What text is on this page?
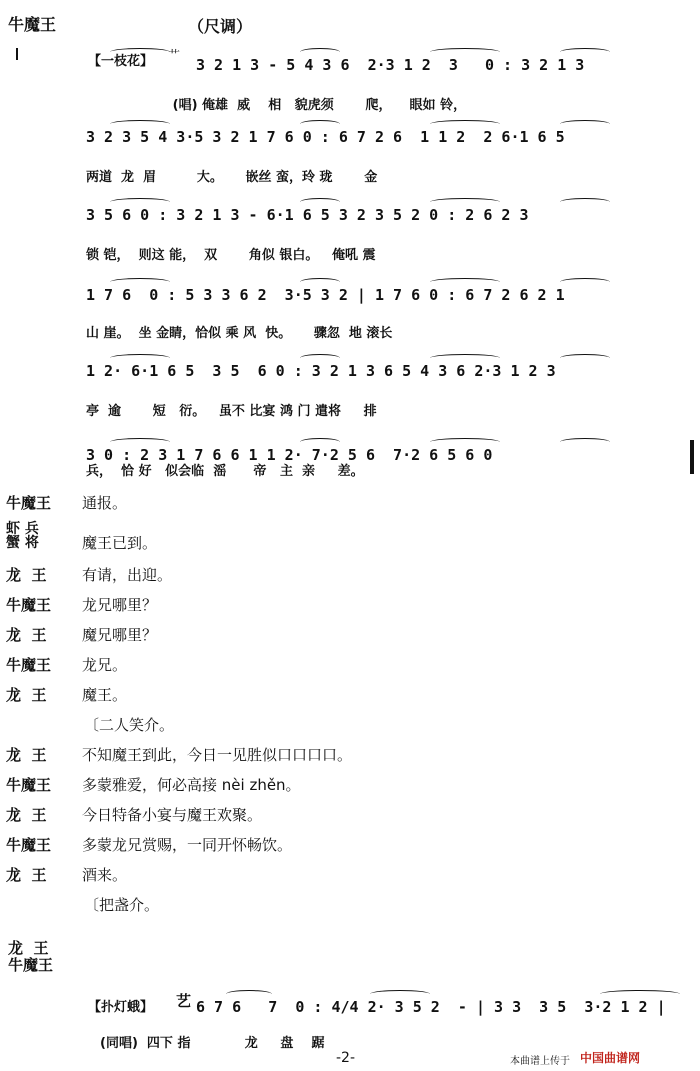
牛魔王	（尺调）
【一枝花】 艹
3 2 1 3 - 5 4 3 6  2·3 1 2  3   0 : 3 2 1 3
(唱) 俺雄  威    相   貌虎须       爬，    眼如 铃，
3 2 3 5 4 3·5 3 2 1 7 6 0 : 6 7 2 6  1 1 2  2 6·1 6 5
两道  龙  眉         大。     嵌丝 蛮，玲 珑       金
3 5 6 0 : 3 2 1 3 - 6·1 6 5 3 2 3 5 2 0 : 2 6 2 3
锁 铠，  则这 能，  双       角似 银白。   俺吼 震
1 7 6  0 : 5 3 3 6 2  3·5 3 2 | 1 7 6 0 : 6 7 2 6 2 1
山 崖。  坐 金睛，恰似 乘 风  快。     骤忽  地 滚长
1 2· 6·1 6 5  3 5  6 0 : 3 2 1 3 6 5 4 3 6 2·3 1 2 3
亭  逾       短   衍。   虽不 比宴 鸿 门 遣将     排
3 0 : 2 3 1 7 6 6 1 1 2· 7·2 5 6  7·2 6 5 6 0
兵，  恰 好   似会临  滛      帝   主  亲     差。
牛魔王	通报。
虾 兵
蟹 将	魔王已到。
龙  王	有请，出迎。
牛魔王	龙兄哪里？
龙  王	魔兄哪里？
牛魔王	龙兄。
龙  王	魔王。
〔二人笑介。
龙  王	不知魔王到此，今日一见胜似口口口口。
牛魔王	多蒙雅爱，何必高接 nèi zhěn。
龙  王	今日特备小宴与魔王欢聚。
牛魔王	多蒙龙兄赏赐，一同开怀畅饮。
龙  王	酒来。
〔把盏介。
龙  王
牛魔王
【扑灯蛾】 艺 6 7 6   7  0 : 4/4 2· 3 5 2  - | 3 3  3 5  3·2 1 2 |
(同唱)  四下 指            龙     盘    踞
-2-	本曲谱上传于 中国曲谱网
